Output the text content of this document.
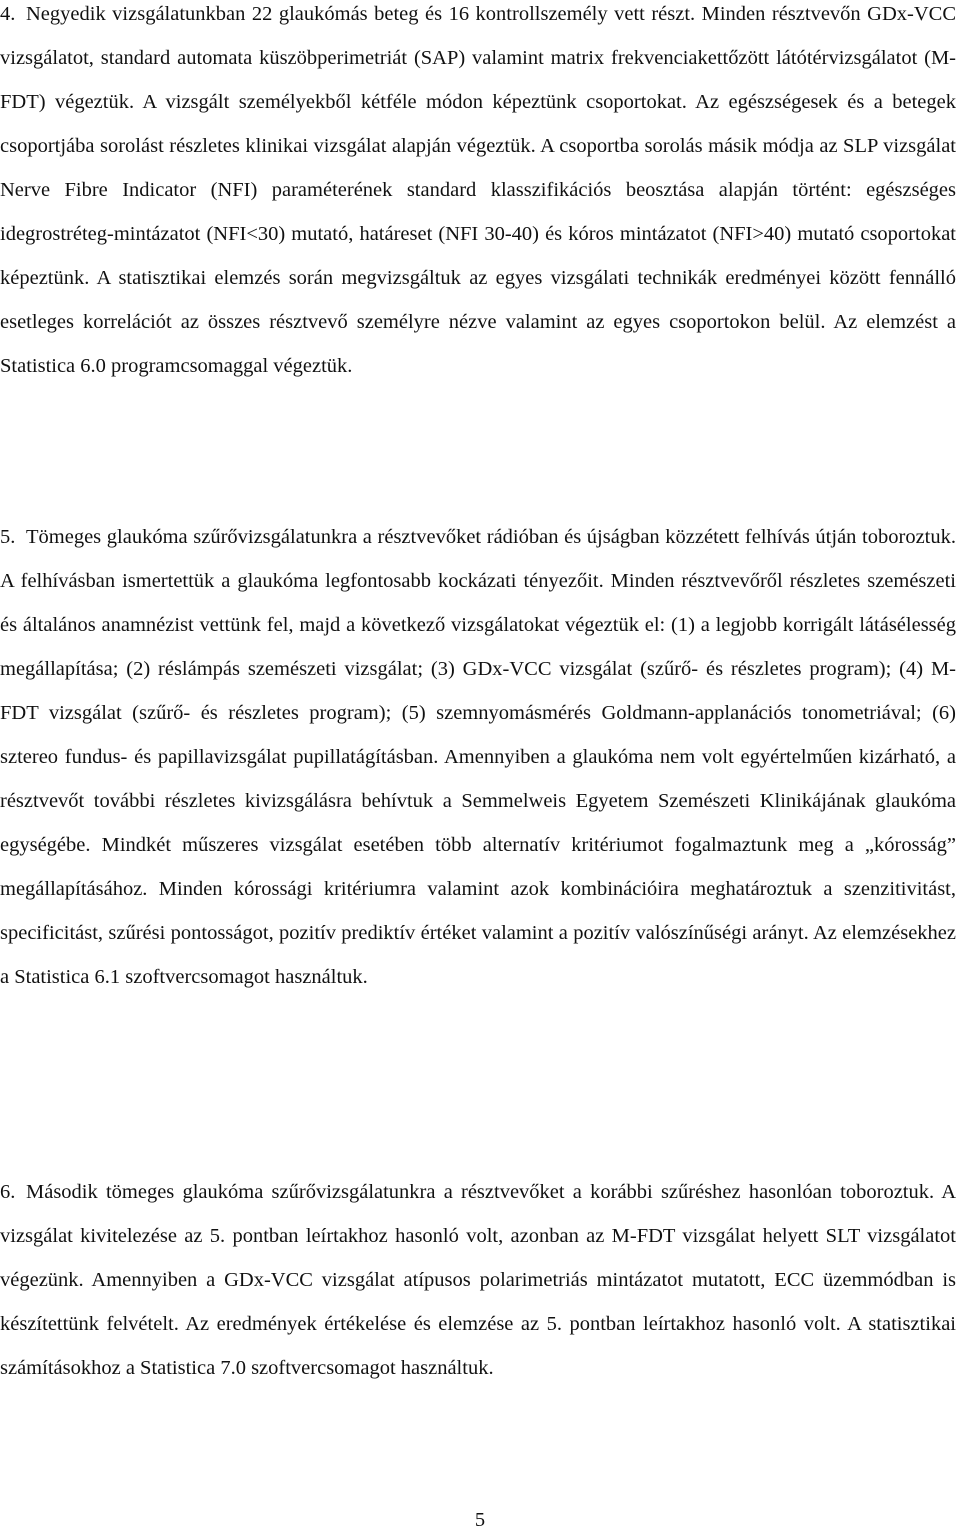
4. Negyedik vizsgálatunkban 22 glaukómás beteg és 16 kontrollszemély vett részt. Minden résztvevőn GDx-VCC vizsgálatot, standard automata küszöbperimetriát (SAP) valamint matrix frekvenciakettőzött látótérvizsgálatot (M-FDT) végeztük. A vizsgált személyekből kétféle módon képeztünk csoportokat. Az egészségesek és a betegek csoportjába sorolást részletes klinikai vizsgálat alapján végeztük. A csoportba sorolás másik módja az SLP vizsgálat Nerve Fibre Indicator (NFI) paraméterének standard klasszifikációs beosztása alapján történt: egészséges idegrostréteg-mintázatot (NFI<30) mutató, határeset (NFI 30-40) és kóros mintázatot (NFI>40) mutató csoportokat képeztünk. A statisztikai elemzés során megvizsgáltuk az egyes vizsgálati technikák eredményei között fennálló esetleges korrelációt az összes résztvevő személyre nézve valamint az egyes csoportokon belül. Az elemzést a Statistica 6.0 programcsomaggal végeztük.
5. Tömeges glaukóma szűrővizsgálatunkra a résztvevőket rádióban és újságban közzétett felhívás útján toboroztuk. A felhívásban ismertettük a glaukóma legfontosabb kockázati tényezőit. Minden résztvevőről részletes szemészeti és általános anamnézist vettünk fel, majd a következő vizsgálatokat végeztük el: (1) a legjobb korrigált látásélesség megállapítása; (2) réslámpás szemészeti vizsgálat; (3) GDx-VCC vizsgálat (szűrő- és részletes program); (4) M-FDT vizsgálat (szűrő- és részletes program); (5) szemnyomásmérés Goldmann-applanációs tonometriával; (6) sztereo fundus- és papillavizsgálat pupillatágításban. Amennyiben a glaukóma nem volt egyértelműen kizárható, a résztvevőt további részletes kivizsgálásra behívtuk a Semmelweis Egyetem Szemészeti Klinikájának glaukóma egységébe. Mindkét műszeres vizsgálat esetében több alternatív kritériumot fogalmaztunk meg a „kórosság” megállapításához. Minden kórossági kritériumra valamint azok kombinációira meghatároztuk a szenzitivitást, specificitást, szűrési pontosságot, pozitív prediktív értéket valamint a pozitív valószínűségi arányt. Az elemzésekhez a Statistica 6.1 szoftvercsomagot használtuk.
6. Második tömeges glaukóma szűrővizsgálatunkra a résztvevőket a korábbi szűréshez hasonlóan toboroztuk. A vizsgálat kivitelezése az 5. pontban leírtakhoz hasonló volt, azonban az M-FDT vizsgálat helyett SLT vizsgálatot végezünk. Amennyiben a GDx-VCC vizsgálat atípusos polarimetriás mintázatot mutatott, ECC üzemmódban is készítettünk felvételt. Az eredmények értékelése és elemzése az 5. pontban leírtakhoz hasonló volt. A statisztikai számításokhoz a Statistica 7.0 szoftvercsomagot használtuk.
5
